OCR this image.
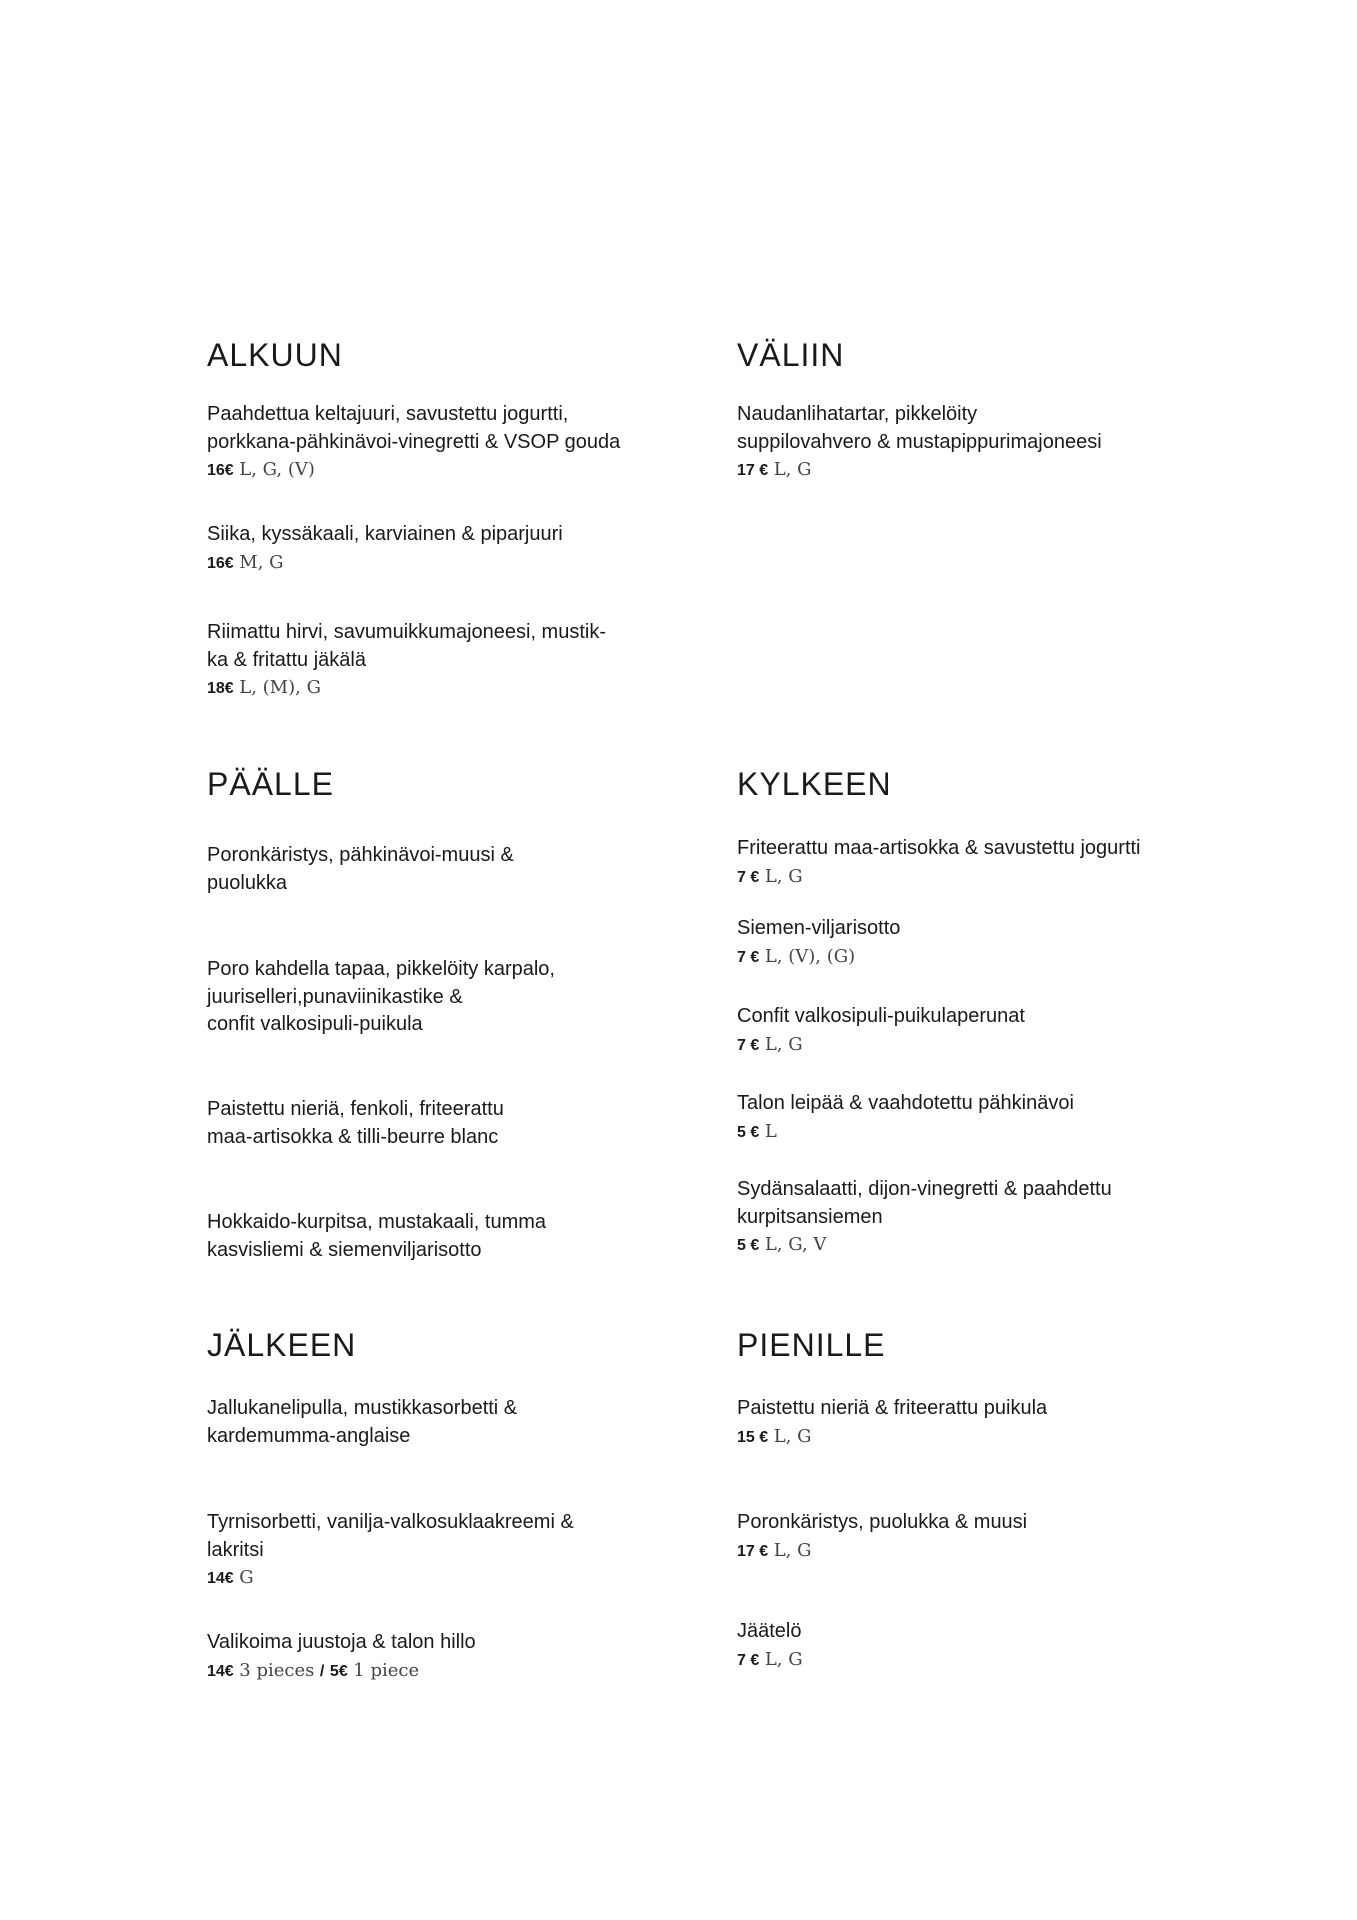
ALKUUN
Paahdettua keltajuuri, savustettu jogurtti,
porkkana-pähkinävoi-vinegretti & VSOP gouda
16€ L, G, (V)
Siika, kyssäkaali, karviainen & piparjuuri
16€ M, G
Riimattu hirvi, savumuikkumajoneesi, mustik-
ka & fritattu jäkälä
18€ L, (M), G
VÄLIIN
Naudanlihatartar, pikkelöity
suppilovahvero & mustapippurimajoneesi
17 € L, G
PÄÄLLE
Poronkäristys, pähkinävoi-muusi &
puolukka
Poro kahdella tapaa, pikkelöity karpalo,
juuriselleri,punaviinikastike &
confit valkosipuli-puikula
Paistettu nieriä, fenkoli, friteerattu
maa-artisokka & tilli-beurre blanc
Hokkaido-kurpitsa, mustakaali, tumma
kasvisliemi & siemenviljarisotto
KYLKEEN
Friteerattu maa-artisokka & savustettu jogurtti
7 € L, G
Siemen-viljarisotto
7 € L, (V), (G)
Confit valkosipuli-puikulaperunat
7 € L, G
Talon leipää & vaahdotettu pähkinävoi
5 € L
Sydänsalaatti, dijon-vinegretti & paahdettu
kurpitsansiemen
5 € L, G, V
JÄLKEEN
Jallukanelipulla, mustikkasorbetti &
kardemumma-anglaise
Tyrnisorbetti, vanilja-valkosuklaakreemi &
lakritsi
14€ G
Valikoima juustoja & talon hillo
14€ 3 pieces / 5€ 1 piece
PIENILLE
Paistettu nieriä & friteerattu puikula
15 € L, G
Poronkäristys, puolukka & muusi
17 € L, G
Jäätelö
7 € L, G
